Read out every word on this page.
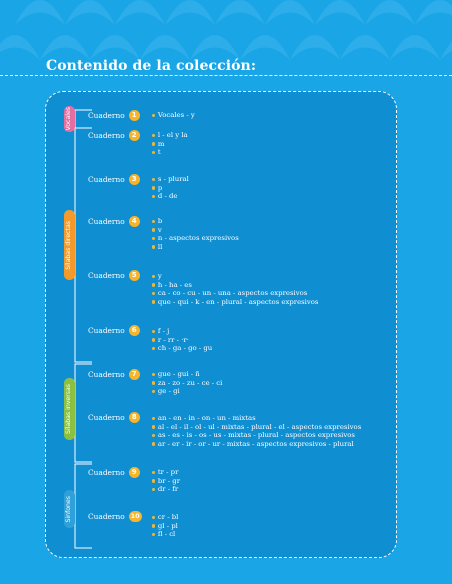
Contenido de la colección:
Vocales
Sílabas directas
Sílabas inversas
Sinfones
Cuaderno	1	Vocales - y
Cuaderno	2	l - el y la
m
t
Cuaderno	3	s - plural
p
d - de
Cuaderno	4	b
v
n - aspectos expresivos
ll
Cuaderno	5	y
h - ha - es
ca - co - cu - un - una - aspectos expresivos
que - qui - k - en - plural - aspectos expresivos
Cuaderno	6	f - j
r - rr - ·r·
ch - ga - go - gu
Cuaderno	7	gue - gui - ñ
za - zo - zu - ce - ci
ge - gi
Cuaderno	8	an - en - in - on - un - mixtas
al - el - il - ol - ul - mixtas - plural - el - aspectos expresivos
as - es - is - os - us - mixtas - plural - aspectos expresivos
ar - er - ir - or - ur - mixtas - aspectos expresivos - plural
Cuaderno	9	tr - pr
br - gr
dr - fr
Cuaderno 10	cr - bl
gl - pl
fl - cl
